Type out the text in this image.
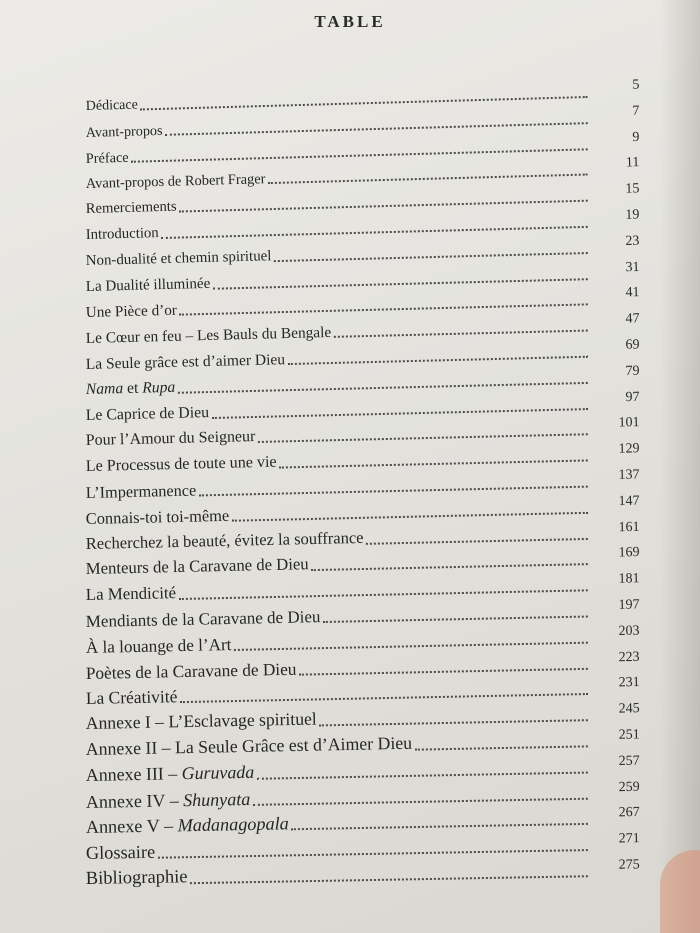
TABLE
Dédicace
5
Avant-propos
7
Préface
9
Avant-propos de Robert Frager
11
Remerciements
15
Introduction
19
Non-dualité et chemin spirituel
23
La Dualité illuminée
31
Une Pièce d’or
41
Le Cœur en feu – Les Bauls du Bengale
47
La Seule grâce est d’aimer Dieu
69
Nama et Rupa
79
Le Caprice de Dieu
97
Pour l’Amour du Seigneur
101
Le Processus de toute une vie
129
L’Impermanence
137
Connais-toi toi-même
147
Recherchez la beauté, évitez la souffrance
161
Menteurs de la Caravane de Dieu
169
La Mendicité
181
Mendiants de la Caravane de Dieu
197
À la louange de l’Art
203
Poètes de la Caravane de Dieu
223
La Créativité
231
Annexe I – L’Esclavage spirituel
245
Annexe II – La Seule Grâce est d’Aimer Dieu	251
Annexe III – Guruvada
257
Annexe IV – Shunyata
259
Annexe V – Madanagopala
267
Glossaire
271
Bibliographie
275
